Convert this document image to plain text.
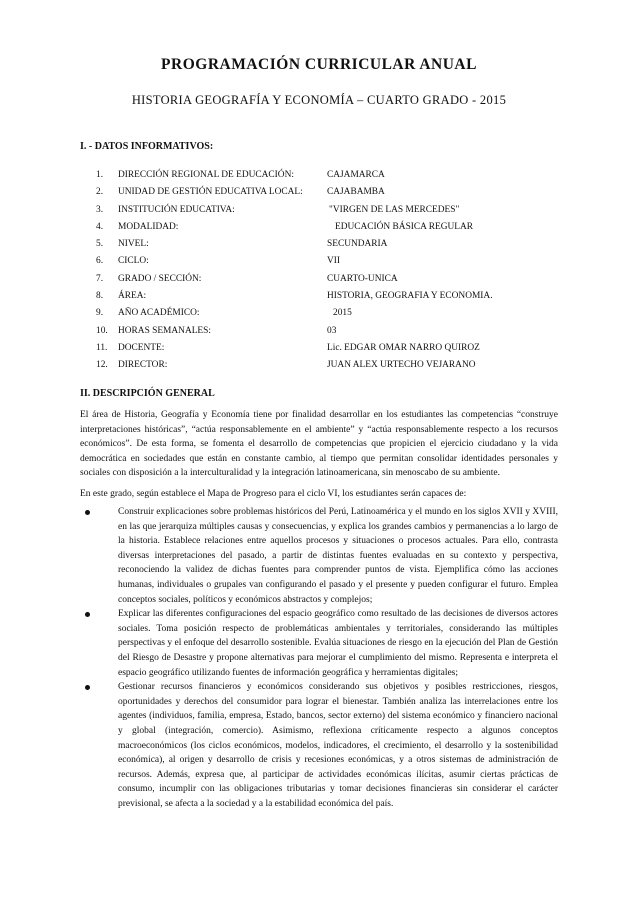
PROGRAMACIÓN CURRICULAR ANUAL
HISTORIA GEOGRAFÍA Y ECONOMÍA – CUARTO GRADO - 2015
I. - DATOS INFORMATIVOS:
1. DIRECCIÓN REGIONAL DE EDUCACIÓN:	CAJAMARCA
2. UNIDAD DE GESTIÓN EDUCATIVA LOCAL:	CAJABAMBA
3. INSTITUCIÓN EDUCATIVA:	"VIRGEN DE LAS MERCEDES"
4. MODALIDAD:	EDUCACIÓN BÁSICA REGULAR
5. NIVEL:	SECUNDARIA
6. CICLO:	VII
7. GRADO / SECCIÓN:	CUARTO-UNICA
8. ÁREA:	HISTORIA, GEOGRAFIA Y ECONOMIA.
9. AÑO ACADÉMICO:	2015
10. HORAS SEMANALES:	03
11. DOCENTE:	Lic. EDGAR OMAR NARRO QUIROZ
12. DIRECTOR:	JUAN ALEX URTECHO VEJARANO
II. DESCRIPCIÓN GENERAL
El área de Historia, Geografía y Economía tiene por finalidad desarrollar en los estudiantes las competencias “construye interpretaciones históricas”, “actúa responsablemente en el ambiente” y “actúa responsablemente respecto a los recursos económicos”. De esta forma, se fomenta el desarrollo de competencias que propicien el ejercicio ciudadano y la vida democrática en sociedades que están en constante cambio, al tiempo que permitan consolidar identidades personales y sociales con disposición a la interculturalidad y la integración latinoamericana, sin menoscabo de su ambiente.
En este grado, según establece el Mapa de Progreso para el ciclo VI, los estudiantes serán capaces de:
Construir explicaciones sobre problemas históricos del Perú, Latinoamérica y el mundo en los siglos XVII y XVIII, en las que jerarquiza múltiples causas y consecuencias, y explica los grandes cambios y permanencias a lo largo de la historia. Establece relaciones entre aquellos procesos y situaciones o procesos actuales. Para ello, contrasta diversas interpretaciones del pasado, a partir de distintas fuentes evaluadas en su contexto y perspectiva, reconociendo la validez de dichas fuentes para comprender puntos de vista. Ejemplifica cómo las acciones humanas, individuales o grupales van configurando el pasado y el presente y pueden configurar el futuro. Emplea conceptos sociales, políticos y económicos abstractos y complejos;
Explicar las diferentes configuraciones del espacio geográfico como resultado de las decisiones de diversos actores sociales. Toma posición respecto de problemáticas ambientales y territoriales, considerando las múltiples perspectivas y el enfoque del desarrollo sostenible. Evalúa situaciones de riesgo en la ejecución del Plan de Gestión del Riesgo de Desastre y propone alternativas para mejorar el cumplimiento del mismo. Representa e interpreta el espacio geográfico utilizando fuentes de información geográfica y herramientas digitales;
Gestionar recursos financieros y económicos considerando sus objetivos y posibles restricciones, riesgos, oportunidades y derechos del consumidor para lograr el bienestar. También analiza las interrelaciones entre los agentes (individuos, familia, empresa, Estado, bancos, sector externo) del sistema económico y financiero nacional y global (integración, comercio). Asimismo, reflexiona críticamente respecto a algunos conceptos macroeconómicos (los ciclos económicos, modelos, indicadores, el crecimiento, el desarrollo y la sostenibilidad económica), al origen y desarrollo de crisis y recesiones económicas, y a otros sistemas de administración de recursos. Además, expresa que, al participar de actividades económicas ilícitas, asumir ciertas prácticas de consumo, incumplir con las obligaciones tributarias y tomar decisiones financieras sin considerar el carácter previsional, se afecta a la sociedad y a la estabilidad económica del país.
